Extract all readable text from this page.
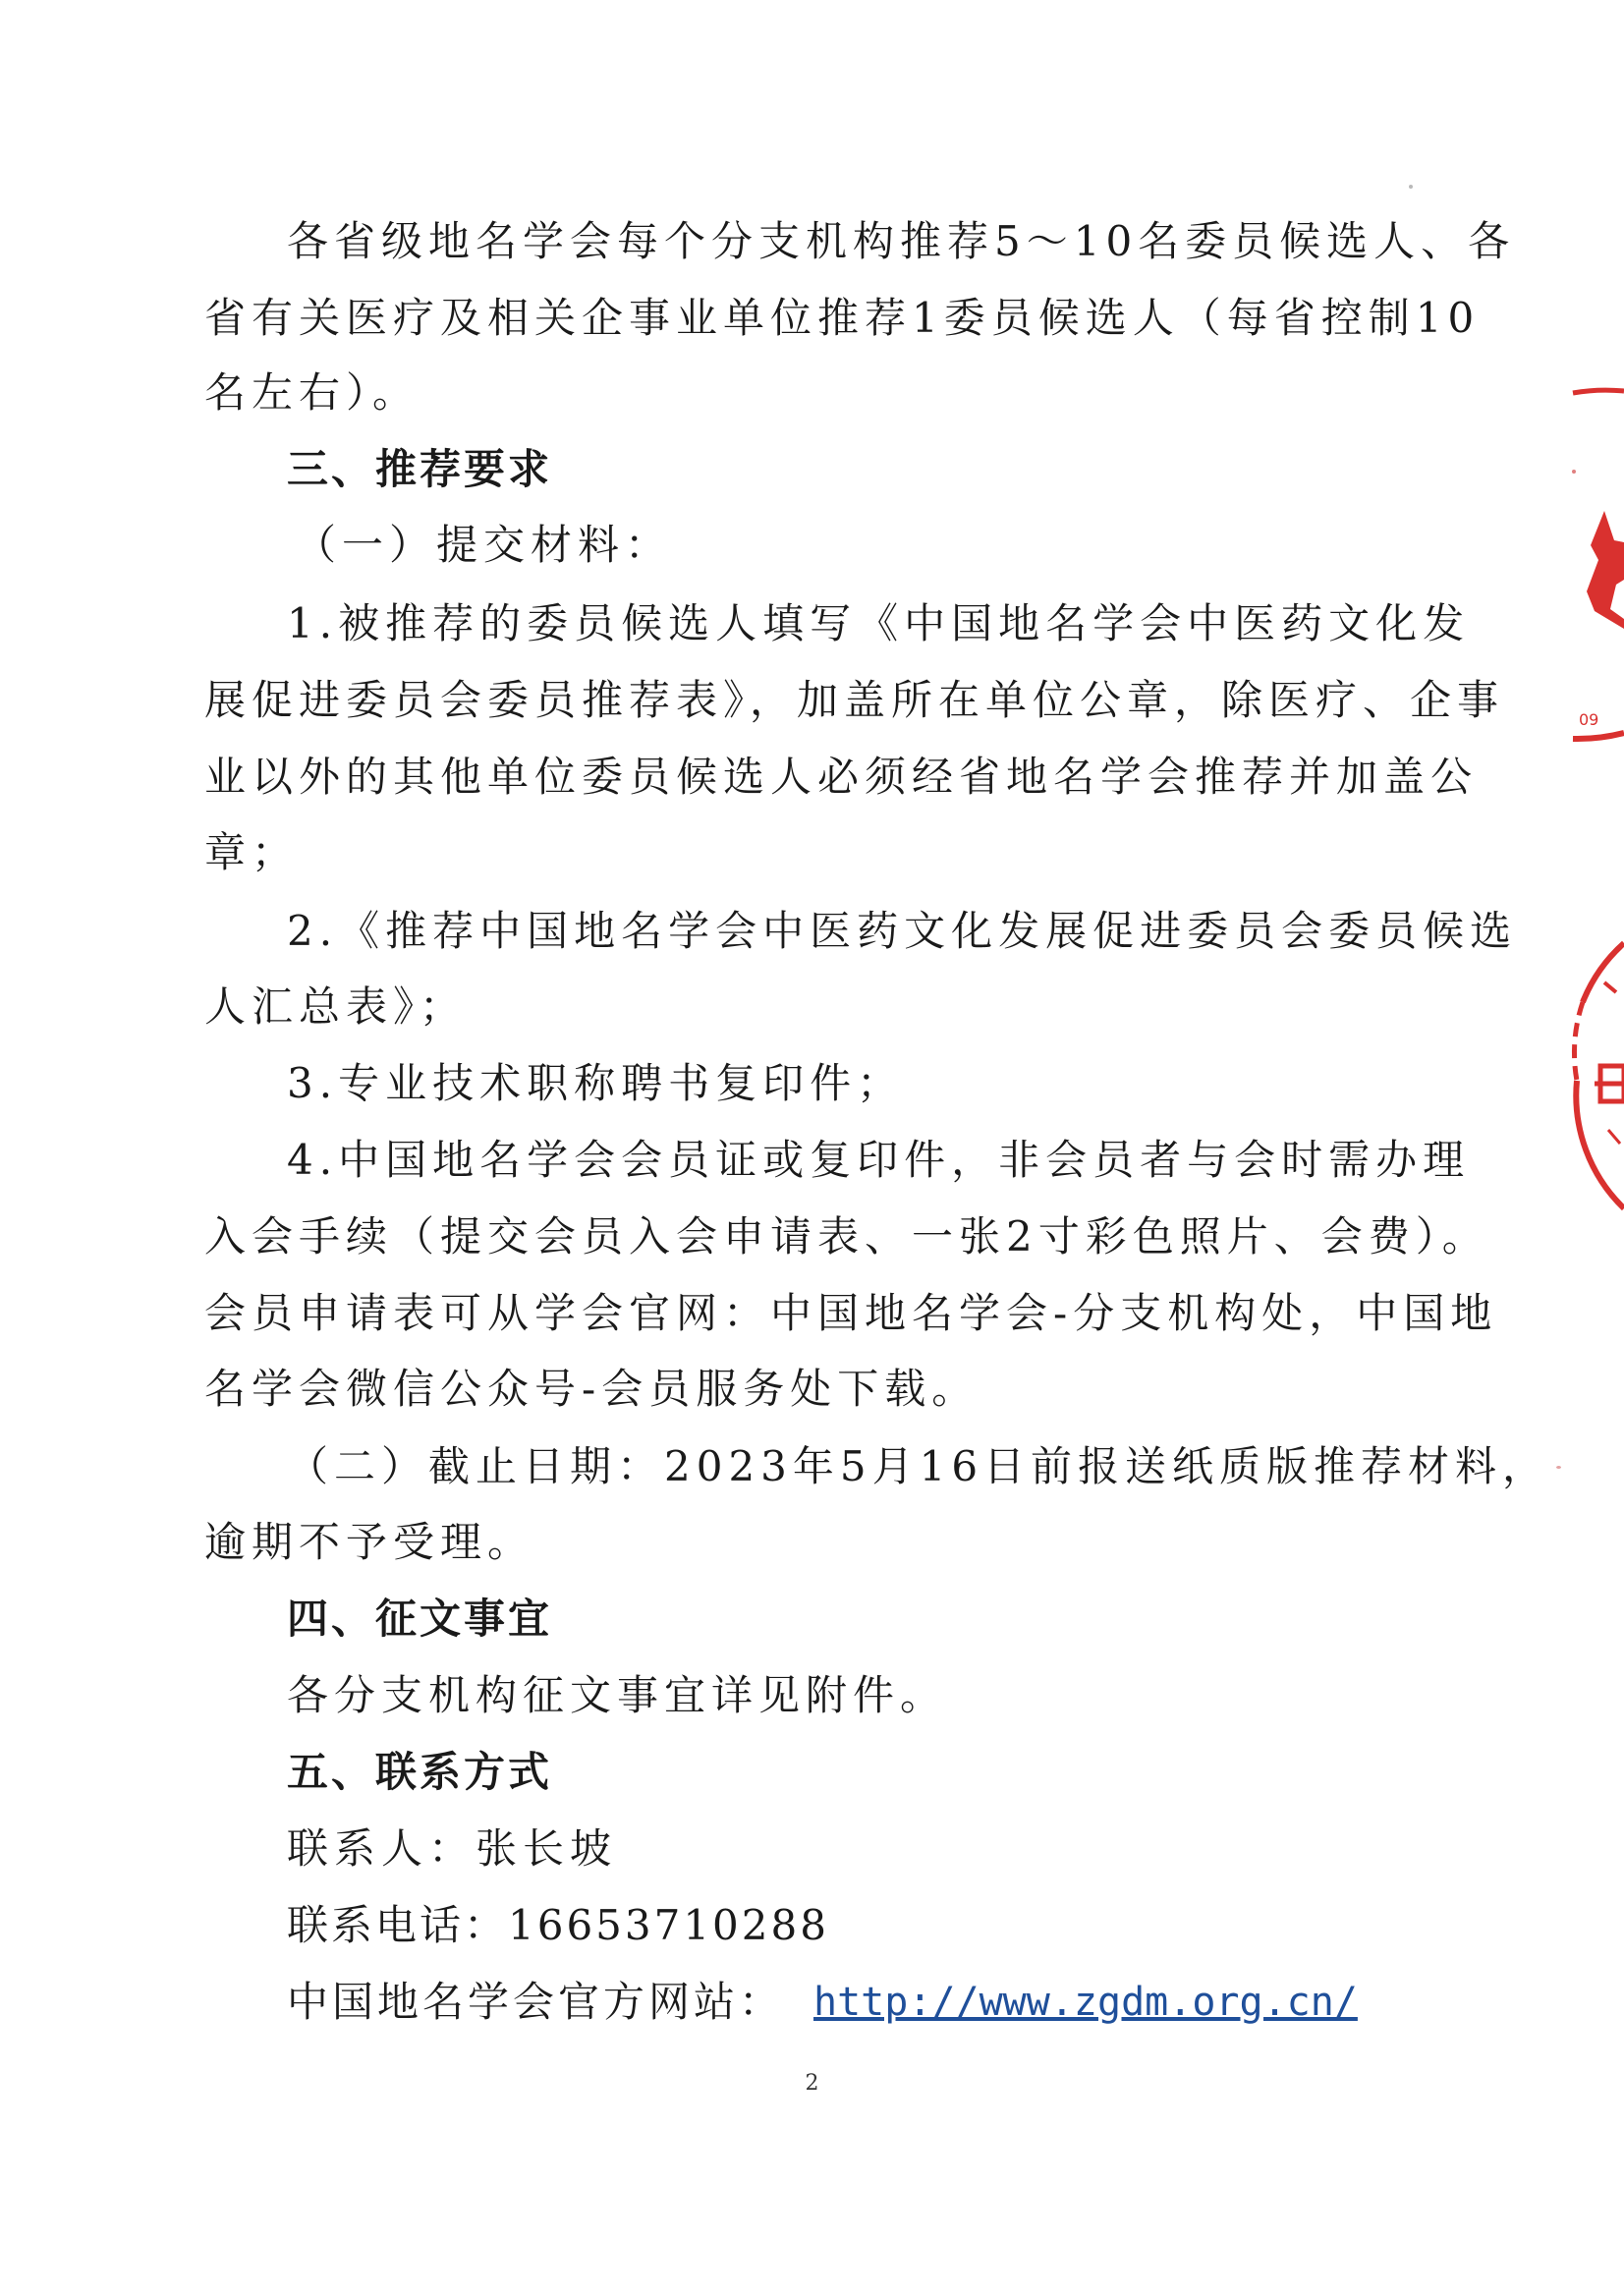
各省级地名学会每个分支机构推荐5～10名委员候选人、各
省有关医疗及相关企事业单位推荐1委员候选人（每省控制10
名左右）。
三、推荐要求
（一）提交材料：
1.被推荐的委员候选人填写《中国地名学会中医药文化发
展促进委员会委员推荐表》，加盖所在单位公章，除医疗、企事
业以外的其他单位委员候选人必须经省地名学会推荐并加盖公
章；
2.《推荐中国地名学会中医药文化发展促进委员会委员候选
人汇总表》；
3.专业技术职称聘书复印件；
4.中国地名学会会员证或复印件，非会员者与会时需办理
入会手续（提交会员入会申请表、一张2寸彩色照片、会费）。
会员申请表可从学会官网：中国地名学会-分支机构处，中国地
名学会微信公众号-会员服务处下载。
（二）截止日期：2023年5月16日前报送纸质版推荐材料，
逾期不予受理。
四、征文事宜
各分支机构征文事宜详见附件。
五、联系方式
联系人：张长坡
联系电话：16653710288
中国地名学会官方网站： http://www.zgdm.org.cn/
2
09
